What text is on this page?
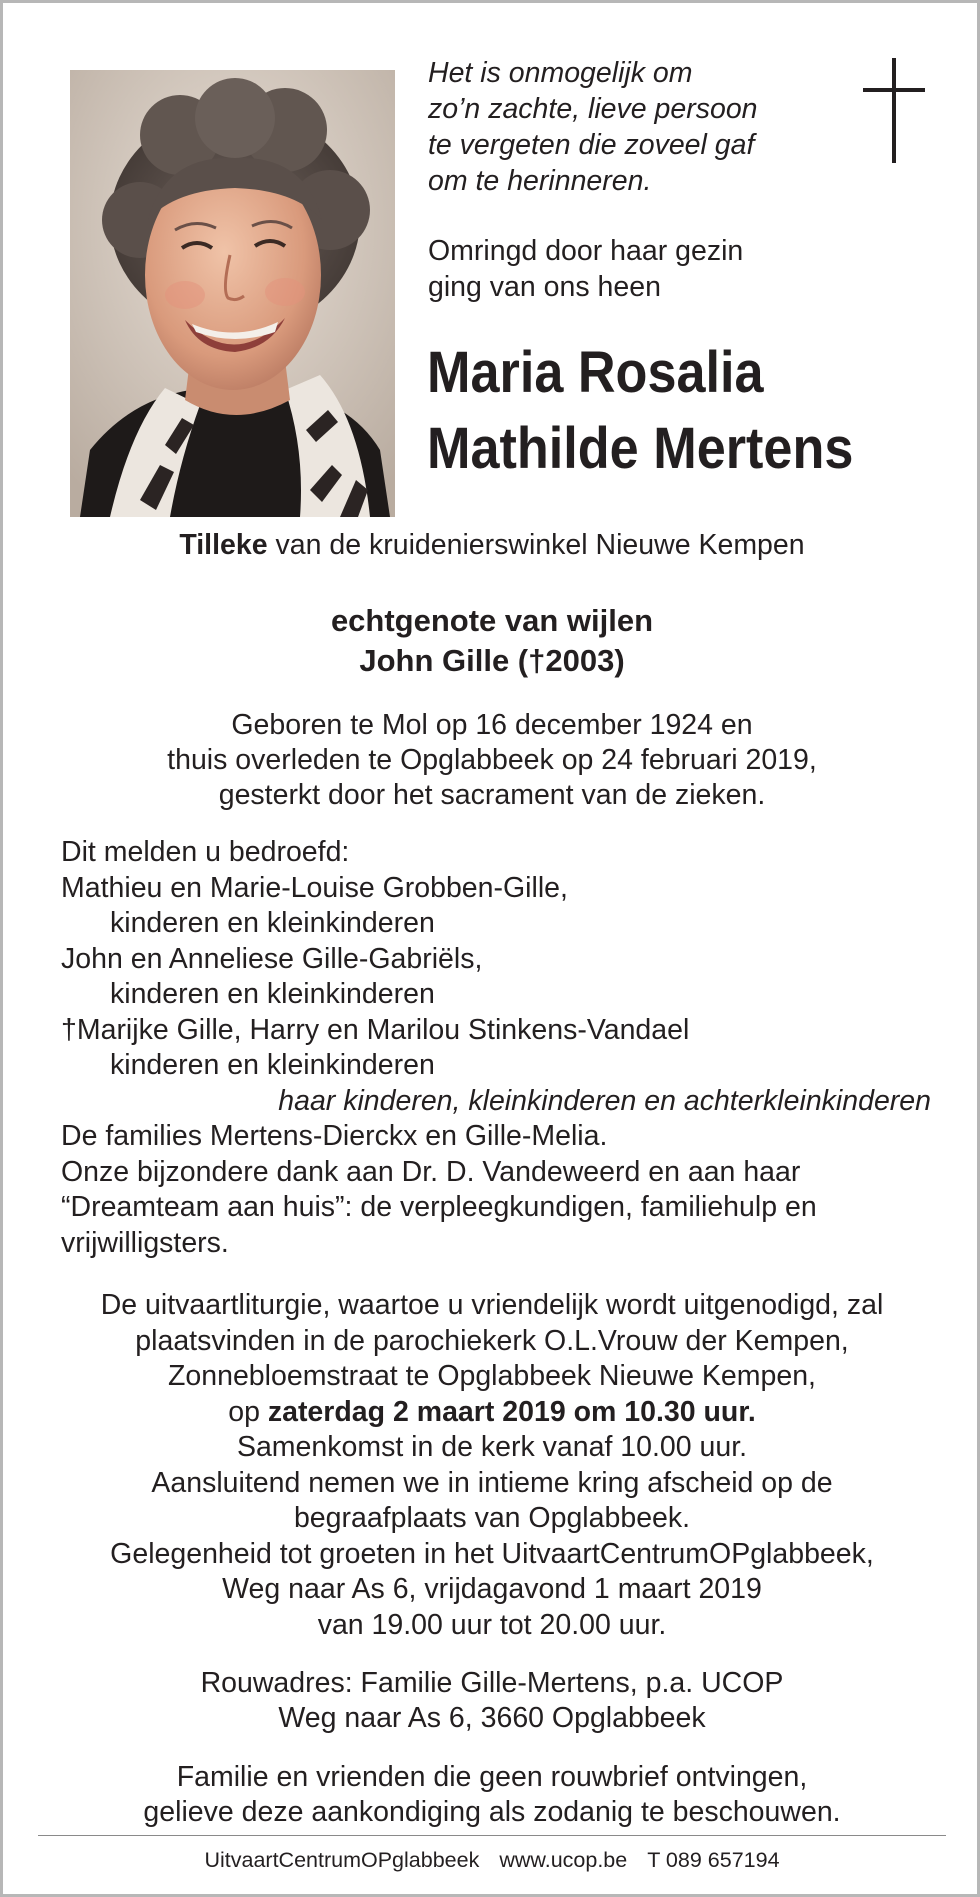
Het is onmogelijk om
zo’n zachte, lieve persoon
te vergeten die zoveel gaf
om te herinneren.
Omringd door haar gezin
ging van ons heen
Maria Rosalia
Mathilde Mertens
Tilleke van de kruidenierswinkel Nieuwe Kempen
echtgenote van wijlen
John Gille (†2003)
Geboren te Mol op 16 december 1924 en
thuis overleden te Opglabbeek op 24 februari 2019,
gesterkt door het sacrament van de zieken.
Dit melden u bedroefd:
Mathieu en Marie-Louise Grobben-Gille,
kinderen en kleinkinderen
John en Anneliese Gille-Gabriëls,
kinderen en kleinkinderen
†Marijke Gille, Harry en Marilou Stinkens-Vandael
kinderen en kleinkinderen
haar kinderen, kleinkinderen en achterkleinkinderen
De families Mertens-Dierckx en Gille-Melia.
Onze bijzondere dank aan Dr. D. Vandeweerd en aan haar
“Dreamteam aan huis”: de verpleegkundigen, familiehulp en
vrijwilligsters.
De uitvaartliturgie, waartoe u vriendelijk wordt uitgenodigd, zal
plaatsvinden in de parochiekerk O.L.Vrouw der Kempen,
Zonnebloemstraat te Opglabbeek Nieuwe Kempen,
op zaterdag 2 maart 2019 om 10.30 uur.
Samenkomst in de kerk vanaf 10.00 uur.
Aansluitend nemen we in intieme kring afscheid op de
begraafplaats van Opglabbeek.
Gelegenheid tot groeten in het UitvaartCentrumOPglabbeek,
Weg naar As 6, vrijdagavond 1 maart 2019
van 19.00 uur tot 20.00 uur.
Rouwadres: Familie Gille-Mertens, p.a. UCOP
Weg naar As 6, 3660 Opglabbeek
Familie en vrienden die geen rouwbrief ontvingen,
gelieve deze aankondiging als zodanig te beschouwen.
UitvaartCentrumOPglabbeek www.ucop.be T 089 657194
